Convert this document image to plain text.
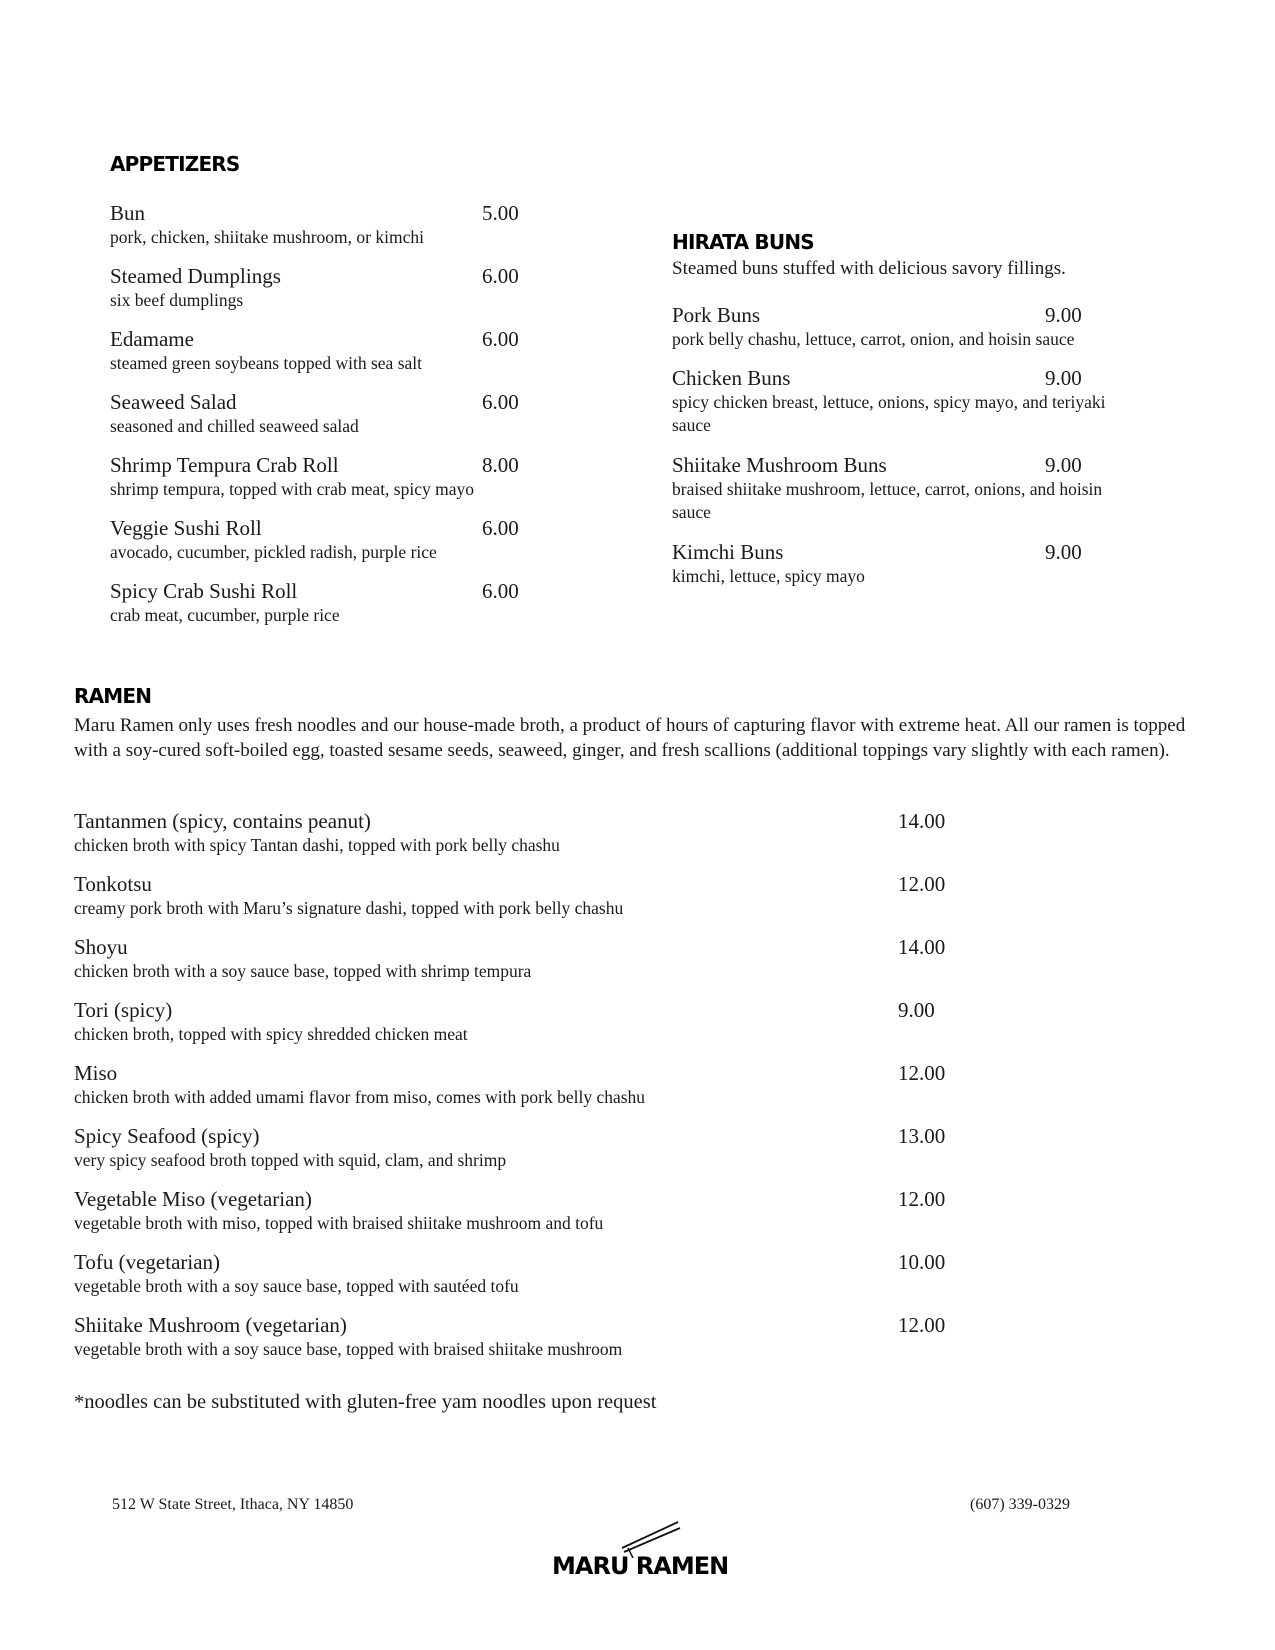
APPETIZERS
Bun
pork, chicken, shiitake mushroom, or kimchi
5.00
Steamed Dumplings
six beef dumplings
6.00
Edamame
steamed green soybeans topped with sea salt
6.00
Seaweed Salad
seasoned and chilled seaweed salad
6.00
Shrimp Tempura Crab Roll
shrimp tempura, topped with crab meat, spicy mayo
8.00
Veggie Sushi Roll
avocado, cucumber, pickled radish, purple rice
6.00
Spicy Crab Sushi Roll
crab meat, cucumber, purple rice
6.00
HIRATA BUNS

Steamed buns stuffed with delicious savory fillings.

Pork Buns
pork belly chashu, lettuce, carrot, onion, and hoisin sauce
9.00
Chicken Buns
spicy chicken breast, lettuce, onions, spicy mayo, and teriyaki sauce
9.00
Shiitake Mushroom Buns
braised shiitake mushroom, lettuce, carrot, onions, and hoisin sauce
9.00
Kimchi Buns
kimchi, lettuce, spicy mayo
9.00
RAMEN

Maru Ramen only uses fresh noodles and our house-made broth, a product of hours of capturing flavor with extreme heat. All our ramen is topped with a soy-cured soft-boiled egg, toasted sesame seeds, seaweed, ginger, and fresh scallions (additional toppings vary slightly with each ramen).

Tantanmen (spicy, contains peanut)
chicken broth with spicy Tantan dashi, topped with pork belly chashu
14.00
Tonkotsu
creamy pork broth with Maru’s signature dashi, topped with pork belly chashu
12.00
Shoyu
chicken broth with a soy sauce base, topped with shrimp tempura
14.00
Tori (spicy)
chicken broth, topped with spicy shredded chicken meat
9.00
Miso
chicken broth with added umami flavor from miso, comes with pork belly chashu
12.00
Spicy Seafood (spicy)
very spicy seafood broth topped with squid, clam, and shrimp
13.00
Vegetable Miso (vegetarian)
vegetable broth with miso, topped with braised shiitake mushroom and tofu
12.00
Tofu (vegetarian)
vegetable broth with a soy sauce base, topped with sautéed tofu
10.00
Shiitake Mushroom (vegetarian)
vegetable broth with a soy sauce base, topped with braised shiitake mushroom
12.00
*noodles can be substituted with gluten-free yam noodles upon request
512 W State Street, Ithaca, NY 14850	(607) 339-0329
MARU RAMEN
